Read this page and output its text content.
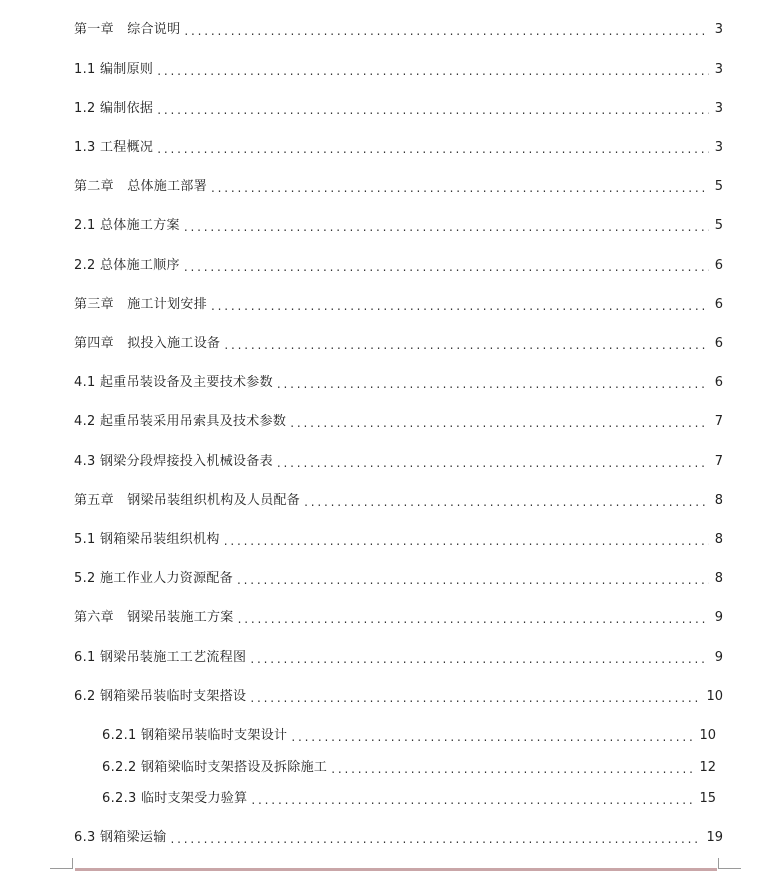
第一章　综合说明 . . .	3
1.1 编制原则 . . .	3
1.2 编制依据 . . .	3
1.3 工程概况 . . .	3
第二章　总体施工部署 . . .	5
2.1 总体施工方案 . . .	5
2.2 总体施工顺序 . . .	6
第三章　施工计划安排 . . .	6
第四章　拟投入施工设备 . . .	6
4.1 起重吊装设备及主要技术参数 . . .	6
4.2 起重吊装采用吊索具及技术参数 . . .	7
4.3 钢梁分段焊接投入机械设备表 . . .	7
第五章　钢梁吊装组织机构及人员配备 . . .	8
5.1 钢箱梁吊装组织机构 . . .	8
5.2 施工作业人力资源配备 . . .	8
第六章　钢梁吊装施工方案 . . .	9
6.1 钢梁吊装施工工艺流程图 . . .	9
6.2 钢箱梁吊装临时支架搭设 . . .	10
6.2.1 钢箱梁吊装临时支架设计 . . .	10
6.2.2 钢箱梁临时支架搭设及拆除施工 . . .	12
6.2.3 临时支架受力验算 . . .	15
6.3 钢箱梁运输 . . .	19
